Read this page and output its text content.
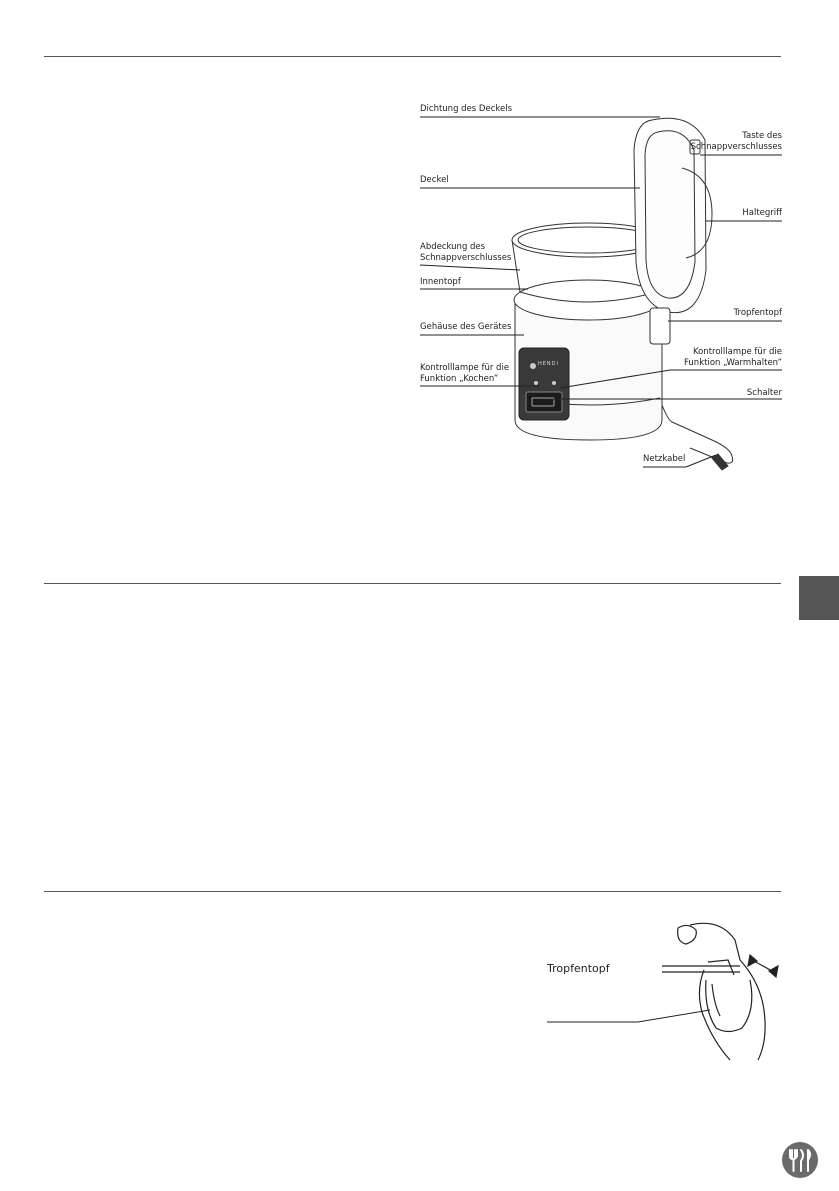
Dichtung des Deckels
Deckel
Abdeckung des
Schnappverschlusses
Innentopf
Gehäuse des Gerätes
Kontrolllampe für die
Funktion „Kochen”
Taste des
Schnappverschlusses
Haltegriff
Tropfentopf
Kontrolllampe für die
Funktion „Warmhalten”
Schalter
Netzkabel
HENDI
Tropfentopf
